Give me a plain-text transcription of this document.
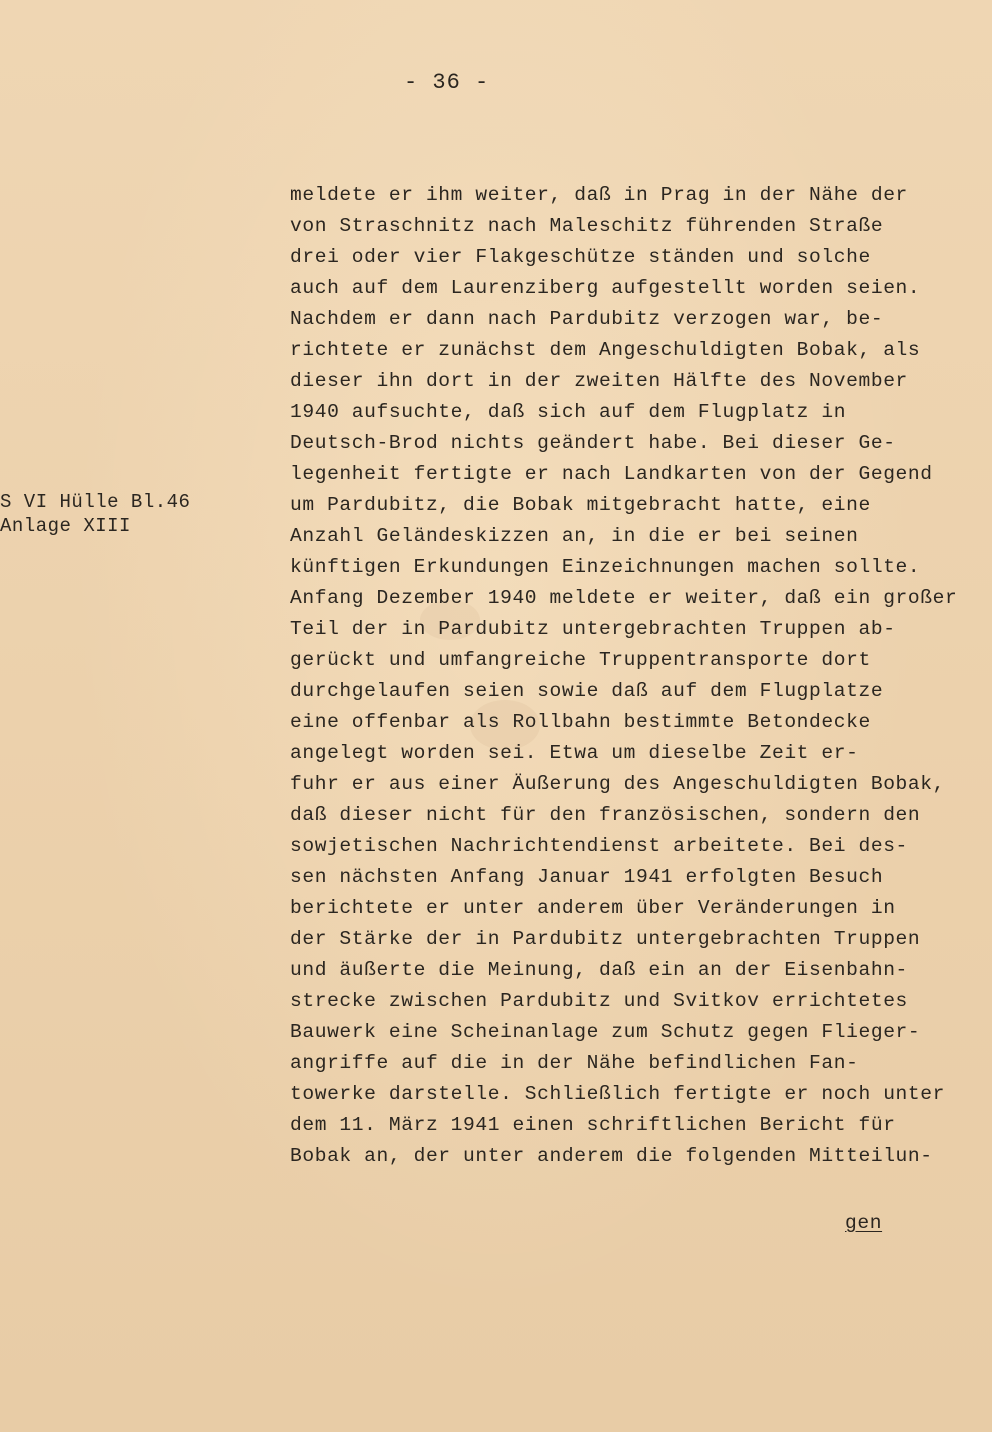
- 36 -
S VI Hülle Bl.46
Anlage XIII
meldete er ihm weiter, daß in Prag in der Nähe der
von Straschnitz nach Maleschitz führenden Straße
drei oder vier Flakgeschütze ständen und solche
auch auf dem Laurenziberg aufgestellt worden seien.
Nachdem er dann nach Pardubitz verzogen war, be-
richtete er zunächst dem Angeschuldigten Bobak, als
dieser ihn dort in der zweiten Hälfte des November
1940 aufsuchte, daß sich auf dem Flugplatz in
Deutsch-Brod nichts geändert habe. Bei dieser Ge-
legenheit fertigte er nach Landkarten von der Gegend
um Pardubitz, die Bobak mitgebracht hatte, eine
Anzahl Geländeskizzen an, in die er bei seinen
künftigen Erkundungen Einzeichnungen machen sollte.
Anfang Dezember 1940 meldete er weiter, daß ein großer
Teil der in Pardubitz untergebrachten Truppen ab-
gerückt und umfangreiche Truppentransporte dort
durchgelaufen seien sowie daß auf dem Flugplatze
eine offenbar als Rollbahn bestimmte Betondecke
angelegt worden sei. Etwa um dieselbe Zeit er-
fuhr er aus einer Äußerung des Angeschuldigten Bobak,
daß dieser nicht für den französischen, sondern den
sowjetischen Nachrichtendienst arbeitete. Bei des-
sen nächsten Anfang Januar 1941 erfolgten Besuch
berichtete er unter anderem über Veränderungen in
der Stärke der in Pardubitz untergebrachten Truppen
und äußerte die Meinung, daß ein an der Eisenbahn-
strecke zwischen Pardubitz und Svitkov errichtetes
Bauwerk eine Scheinanlage zum Schutz gegen Flieger-
angriffe auf die in der Nähe befindlichen Fan-
towerke darstelle. Schließlich fertigte er noch unter
dem 11. März 1941 einen schriftlichen Bericht für
Bobak an, der unter anderem die folgenden Mitteilun-
gen
